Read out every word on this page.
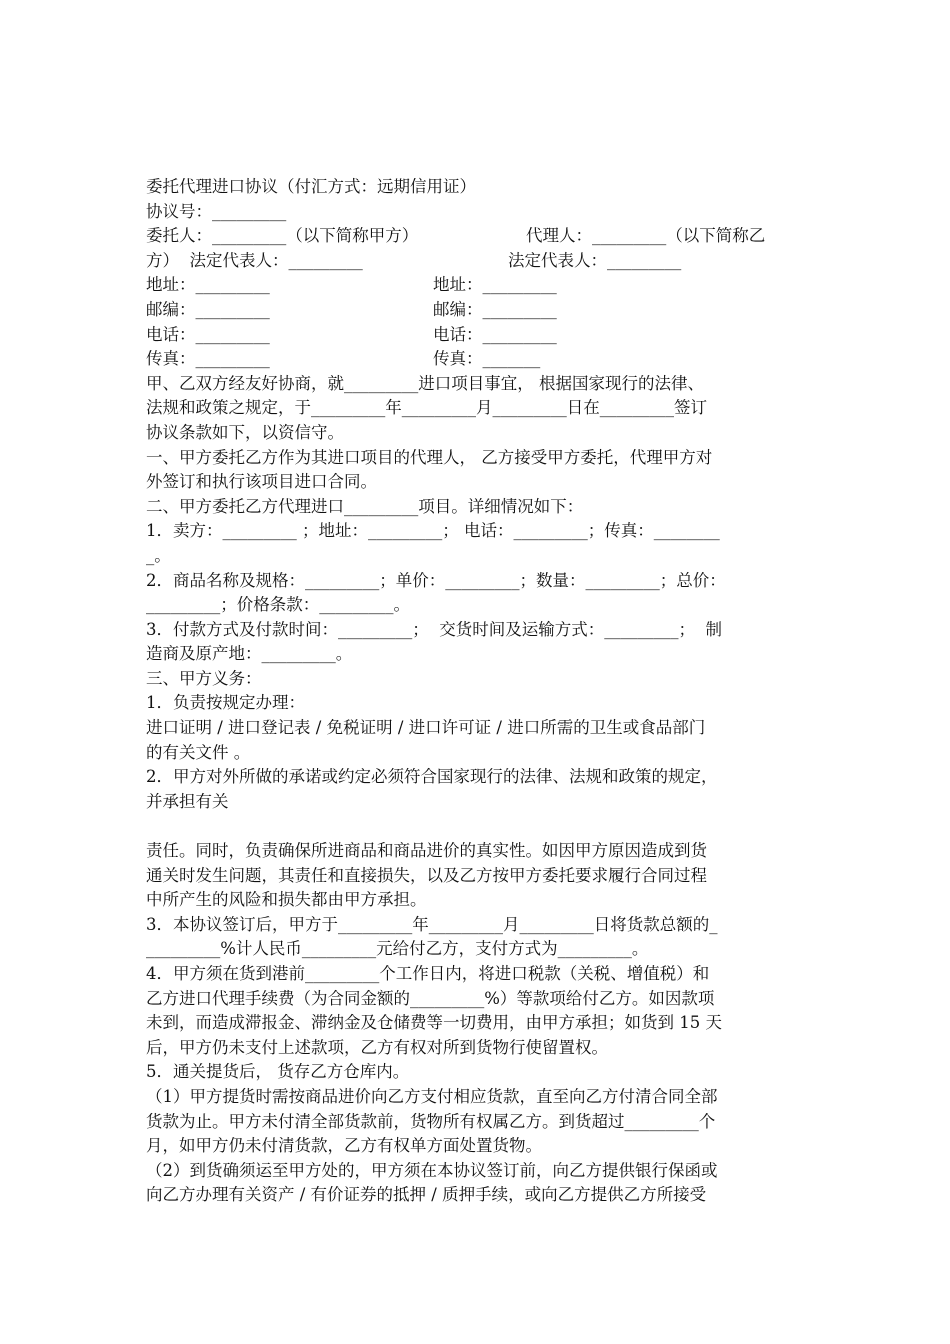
委托代理进口协议（付汇方式：远期信用证）
协议号：_________
委托人：_________（以下简称甲方）	代理人：_________（以下简称乙
方）  法定代表人：_________	法定代表人：_________
地址：_________	地址：_________
邮编：_________	邮编：_________
电话：_________	电话：_________
传真：_________	传真：_______
甲、乙双方经友好协商，就_________进口项目事宜， 根据国家现行的法律、
法规和政策之规定，于_________年_________月_________日在_________签订
协议条款如下，以资信守。
一、甲方委托乙方作为其进口项目的代理人， 乙方接受甲方委托，代理甲方对
外签订和执行该项目进口合同。
二、甲方委托乙方代理进口_________项目。详细情况如下：
1．卖方：_________ ；地址：_________； 电话：_________；传真：________
_。
2．商品名称及规格：_________；单价：_________；数量：_________；总价：
_________；价格条款：_________。
3．付款方式及付款时间：_________；  交货时间及运输方式：_________；  制
造商及原产地：_________。
三、甲方义务：
1．负责按规定办理：
进口证明 / 进口登记表 / 免税证明 / 进口许可证 / 进口所需的卫生或食品部门
的有关文件 。
2．甲方对外所做的承诺或约定必须符合国家现行的法律、法规和政策的规定，
并承担有关
责任。同时，负责确保所进商品和商品进价的真实性。如因甲方原因造成到货
通关时发生问题，其责任和直接损失，以及乙方按甲方委托要求履行合同过程
中所产生的风险和损失都由甲方承担。
3．本协议签订后，甲方于_________年_________月_________日将货款总额的_
_________%计人民币_________元给付乙方，支付方式为_________。
4．甲方须在货到港前_________个工作日内，将进口税款（关税、增值税）和
乙方进口代理手续费（为合同金额的_________%）等款项给付乙方。如因款项
未到，而造成滞报金、滞纳金及仓储费等一切费用，由甲方承担；如货到 15 天
后，甲方仍未支付上述款项，乙方有权对所到货物行使留置权。
5．通关提货后， 货存乙方仓库内。
（1）甲方提货时需按商品进价向乙方支付相应货款，直至向乙方付清合同全部
货款为止。甲方未付清全部货款前，货物所有权属乙方。到货超过_________个
月，如甲方仍未付清货款，乙方有权单方面处置货物。
（2）到货确须运至甲方处的，甲方须在本协议签订前，向乙方提供银行保函或
向乙方办理有关资产 / 有价证券的抵押 / 质押手续，或向乙方提供乙方所接受
